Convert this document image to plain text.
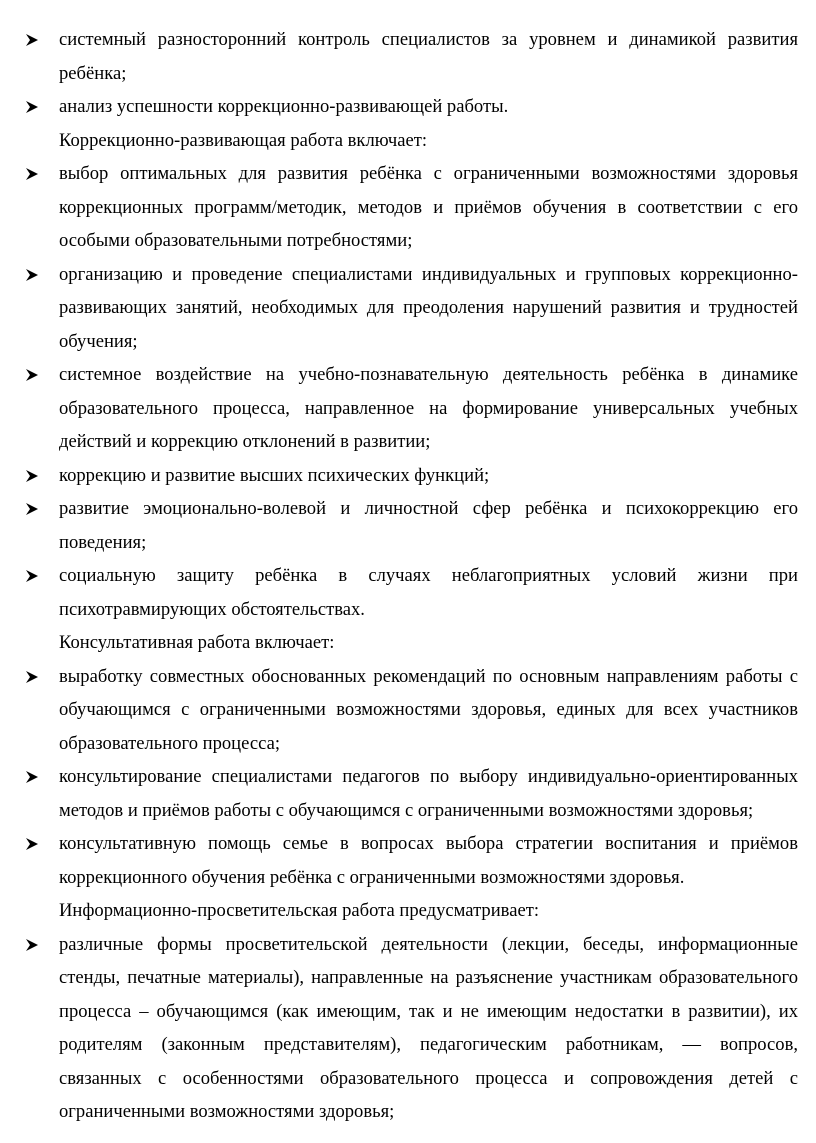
системный разносторонний контроль специалистов за уровнем и динамикой развития ребёнка;
анализ успешности коррекционно-развивающей работы.
Коррекционно-развивающая работа включает:
выбор оптимальных для развития ребёнка с ограниченными возможностями здоровья коррекционных программ/методик, методов и приёмов обучения в соответствии с его особыми образовательными потребностями;
организацию и проведение специалистами индивидуальных и групповых коррекционно-развивающих занятий, необходимых для преодоления нарушений развития и трудностей обучения;
системное воздействие на учебно-познавательную деятельность ребёнка в динамике образовательного процесса, направленное на формирование универсальных учебных действий и коррекцию отклонений в развитии;
коррекцию и развитие высших психических функций;
развитие эмоционально-волевой и личностной сфер ребёнка и психокоррекцию его поведения;
социальную защиту ребёнка в случаях неблагоприятных условий жизни при психотравмирующих обстоятельствах.
Консультативная работа включает:
выработку совместных обоснованных рекомендаций по основным направлениям работы с обучающимся с ограниченными возможностями здоровья, единых для всех участников образовательного процесса;
консультирование специалистами педагогов по выбору индивидуально-ориентированных методов и приёмов работы с обучающимся с ограниченными возможностями здоровья;
консультативную помощь семье в вопросах выбора стратегии воспитания и приёмов коррекционного обучения ребёнка с ограниченными возможностями здоровья.
Информационно-просветительская работа предусматривает:
различные формы просветительской деятельности (лекции, беседы, информационные стенды, печатные материалы), направленные на разъяснение участникам образовательного процесса – обучающимся (как имеющим, так и не имеющим недостатки в развитии), их родителям (законным представителям), педагогическим работникам, — вопросов, связанных с особенностями образовательного процесса и сопровождения детей с ограниченными возможностями здоровья;
